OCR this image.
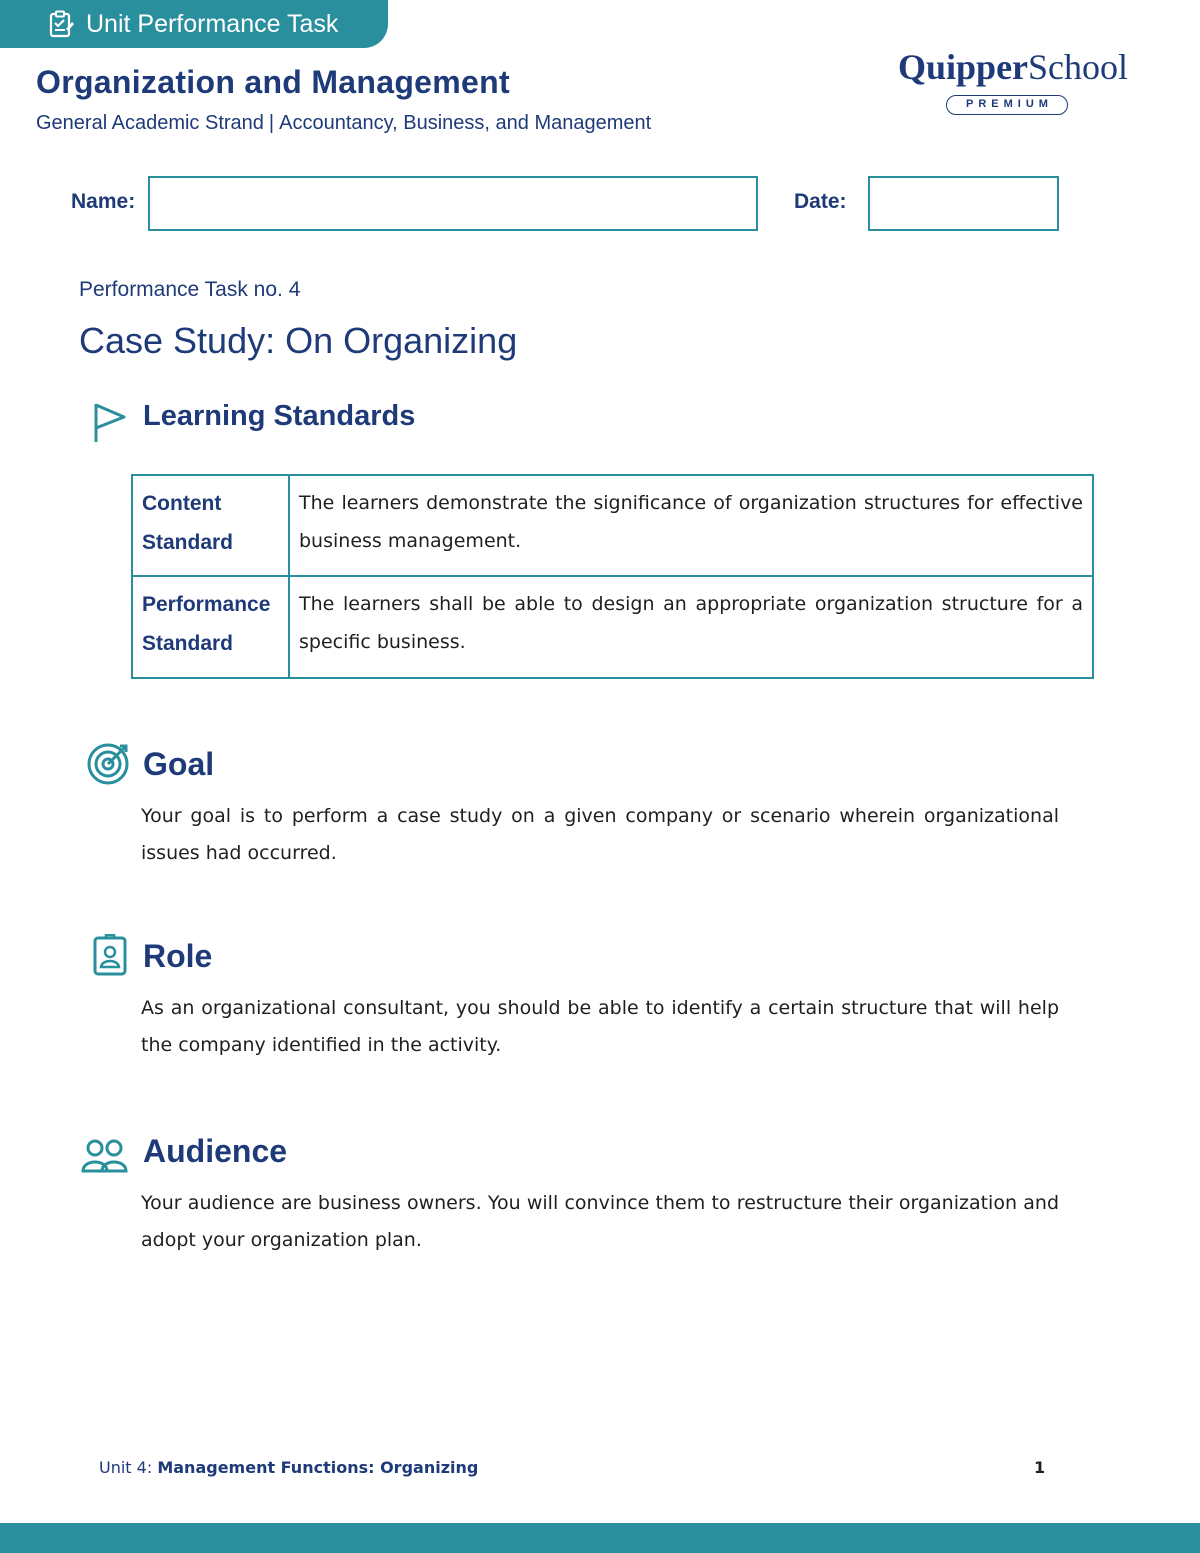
Unit Performance Task
Organization and Management
General Academic Strand | Accountancy, Business, and Management
QuipperSchool
PREMIUM
Name:	Date:
Performance Task no. 4
Case Study: On Organizing
Learning Standards
Content
Standard	The learners demonstrate the significance of organization structures for effective business management.

Performance
Standard	The learners shall be able to design an appropriate organization structure for a specific business.
Goal
Your goal is to perform a case study on a given company or scenario wherein organizational issues had occurred.
Role
As an organizational consultant, you should be able to identify a certain structure that will help the company identified in the activity.
Audience
Your audience are business owners. You will convince them to restructure their organization and adopt your organization plan.
Unit 4: Management Functions: Organizing	1
